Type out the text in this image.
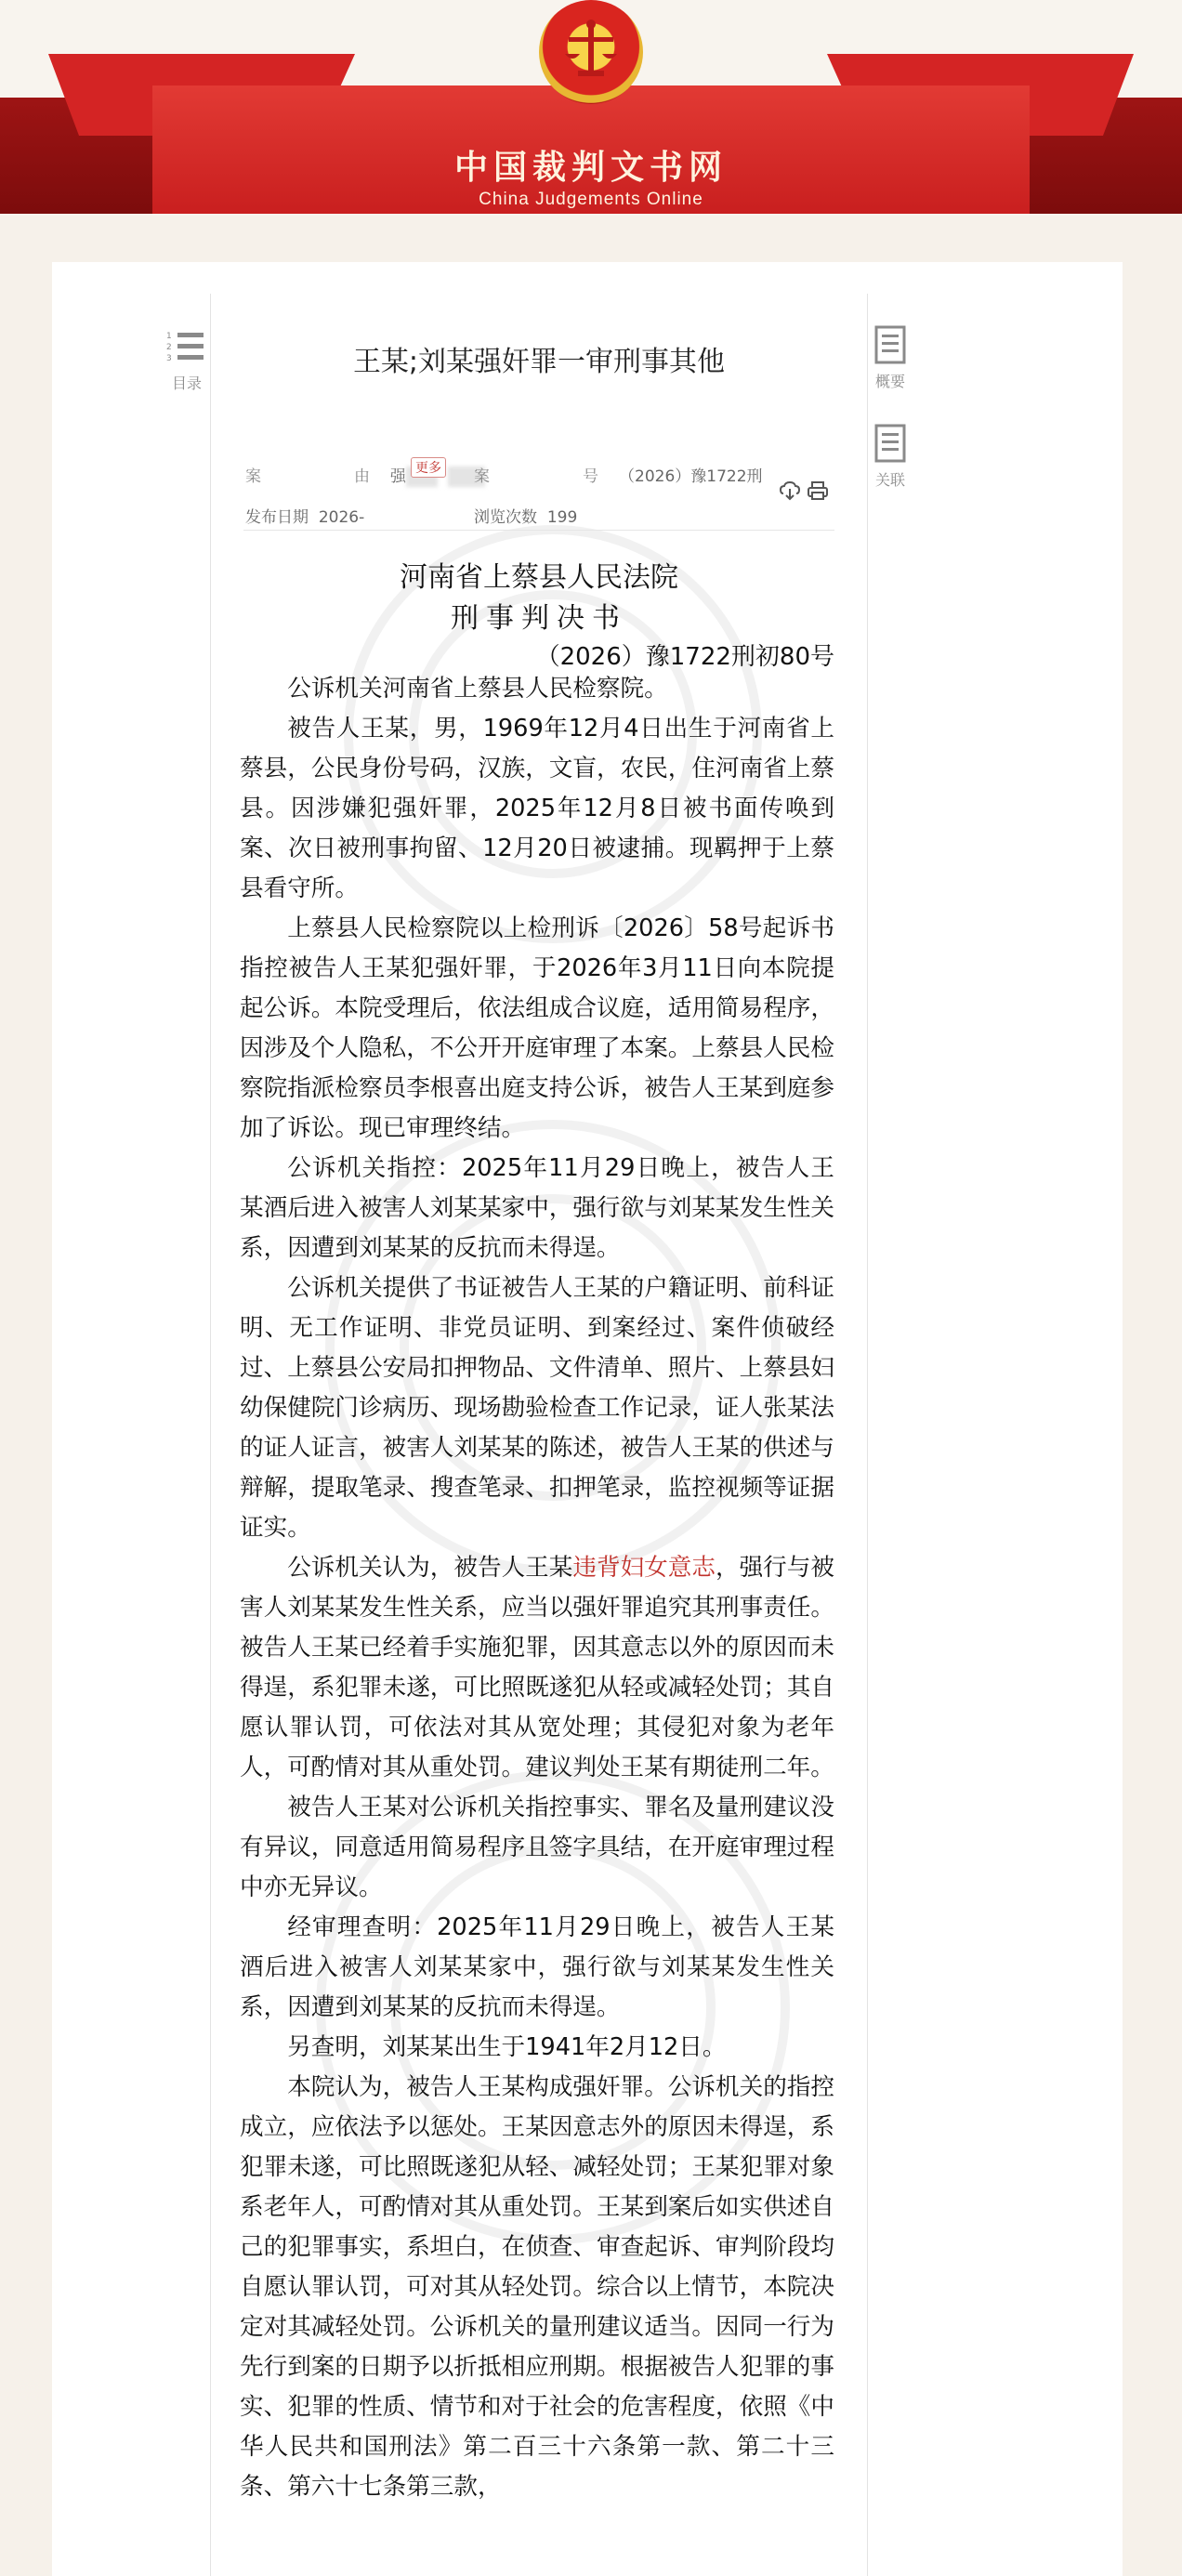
中国裁判文书网
China Judgements Online
1
2
3
目录	概要
关联
王某;刘某强奸罪一审刑事其他
案　　由强 更多 案　　号（2026）豫1722刑
发布日期 2026-	浏览次数 199
河南省上蔡县人民法院
刑事判决书
（2026）豫1722刑初80号

公诉机关河南省上蔡县人民检察院。

被告人王某，男，1969年12月4日出生于河南省上蔡县，公民身份号码，汉族，文盲，农民，住河南省上蔡县。因涉嫌犯强奸罪，2025年12月8日被书面传唤到案、次日被刑事拘留、12月20日被逮捕。现羁押于上蔡县看守所。

上蔡县人民检察院以上检刑诉〔2026〕58号起诉书指控被告人王某犯强奸罪，于2026年3月11日向本院提起公诉。本院受理后，依法组成合议庭，适用简易程序，因涉及个人隐私，不公开开庭审理了本案。上蔡县人民检察院指派检察员李根喜出庭支持公诉，被告人王某到庭参加了诉讼。现已审理终结。

公诉机关指控：2025年11月29日晚上，被告人王某酒后进入被害人刘某某家中，强行欲与刘某某发生性关系，因遭到刘某某的反抗而未得逞。

公诉机关提供了书证被告人王某的户籍证明、前科证明、无工作证明、非党员证明、到案经过、案件侦破经过、上蔡县公安局扣押物品、文件清单、照片、上蔡县妇幼保健院门诊病历、现场勘验检查工作记录，证人张某法的证人证言，被害人刘某某的陈述，被告人王某的供述与辩解，提取笔录、搜查笔录、扣押笔录，监控视频等证据证实。

公诉机关认为，被告人王某违背妇女意志，强行与被害人刘某某发生性关系，应当以强奸罪追究其刑事责任。被告人王某已经着手实施犯罪，因其意志以外的原因而未得逞，系犯罪未遂，可比照既遂犯从轻或减轻处罚；其自愿认罪认罚，可依法对其从宽处理；其侵犯对象为老年人，可酌情对其从重处罚。建议判处王某有期徒刑二年。

被告人王某对公诉机关指控事实、罪名及量刑建议没有异议，同意适用简易程序且签字具结，在开庭审理过程中亦无异议。

经审理查明：2025年11月29日晚上，被告人王某酒后进入被害人刘某某家中，强行欲与刘某某发生性关系，因遭到刘某某的反抗而未得逞。

另查明，刘某某出生于1941年2月12日。

本院认为，被告人王某构成强奸罪。公诉机关的指控成立，应依法予以惩处。王某因意志外的原因未得逞，系犯罪未遂，可比照既遂犯从轻、减轻处罚；王某犯罪对象系老年人，可酌情对其从重处罚。王某到案后如实供述自己的犯罪事实，系坦白，在侦查、审查起诉、审判阶段均自愿认罪认罚，可对其从轻处罚。综合以上情节，本院决定对其减轻处罚。公诉机关的量刑建议适当。因同一行为先行到案的日期予以折抵相应刑期。根据被告人犯罪的事实、犯罪的性质、情节和对于社会的危害程度，依照《中华人民共和国刑法》第二百三十六条第一款、第二十三条、第六十七条第三款，
